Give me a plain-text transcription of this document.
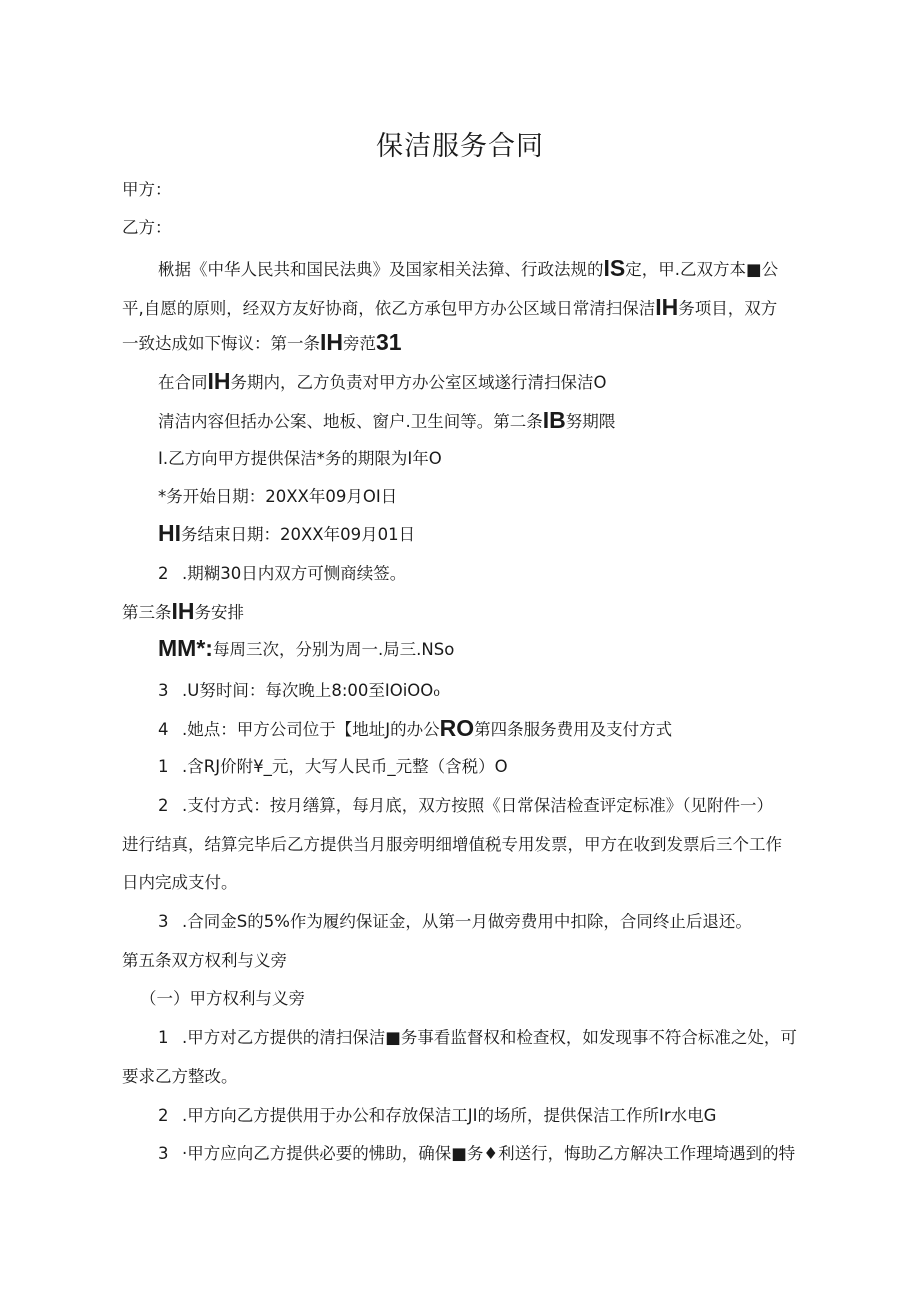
保洁服务合同
甲方：
乙方：
楸据《中华人民共和国民法典》及国家相关法獐、行政法规的IS定，甲.乙双方本■公
平,自愿的原则，经双方友好协商，依乙方承包甲方办公区域日常清扫保洁IH务项目，双方
一致达成如下悔议：第一条IH旁范31
在合同IH务期内，乙方负责对甲方办公室区域遂行清扫保洁O
清洁内容但括办公案、地板、窗户.卫生间等。第二条IB努期隈
I.乙方向甲方提供保洁*务的期限为I年O
*务开始日期：20XX年09月OI日
HI务结束日期：20XX年09月01日
2 .期糊30日内双方可恻商续签。
第三条IH务安排
MM*:每周三次，分别为周一.局三.NSo
3 .U努时间：每次晚上8:00至IOiOO₀
4 .她点：甲方公司位于【地址J的办公RO第四条服务费用及支付方式
1 .含RJ价附¥_元，大写人民币_元整（含税）O
2 .支付方式：按月缮算，每月底，双方按照《日常保洁检查评定标准》（见附件一）
进行结真，结算完毕后乙方提供当月服旁明细增值税专用发票，甲方在收到发票后三个工作
日内完成支付。
3 .合同金S的5%作为履约保证金，从第一月做旁费用中扣除，合同终止后退还。
第五条双方权利与义旁
（一）甲方权利与义旁
1 .甲方对乙方提供的清扫保洁■务事看监督权和检查权，如发现事不符合标准之处，可
要求乙方整改。
2 .甲方向乙方提供用于办公和存放保洁工JI的场所，提供保洁工作所Ir水电G
3 ·甲方应向乙方提供必要的怫助，确保■务♦利送行，悔助乙方解决工作理埼遇到的特
